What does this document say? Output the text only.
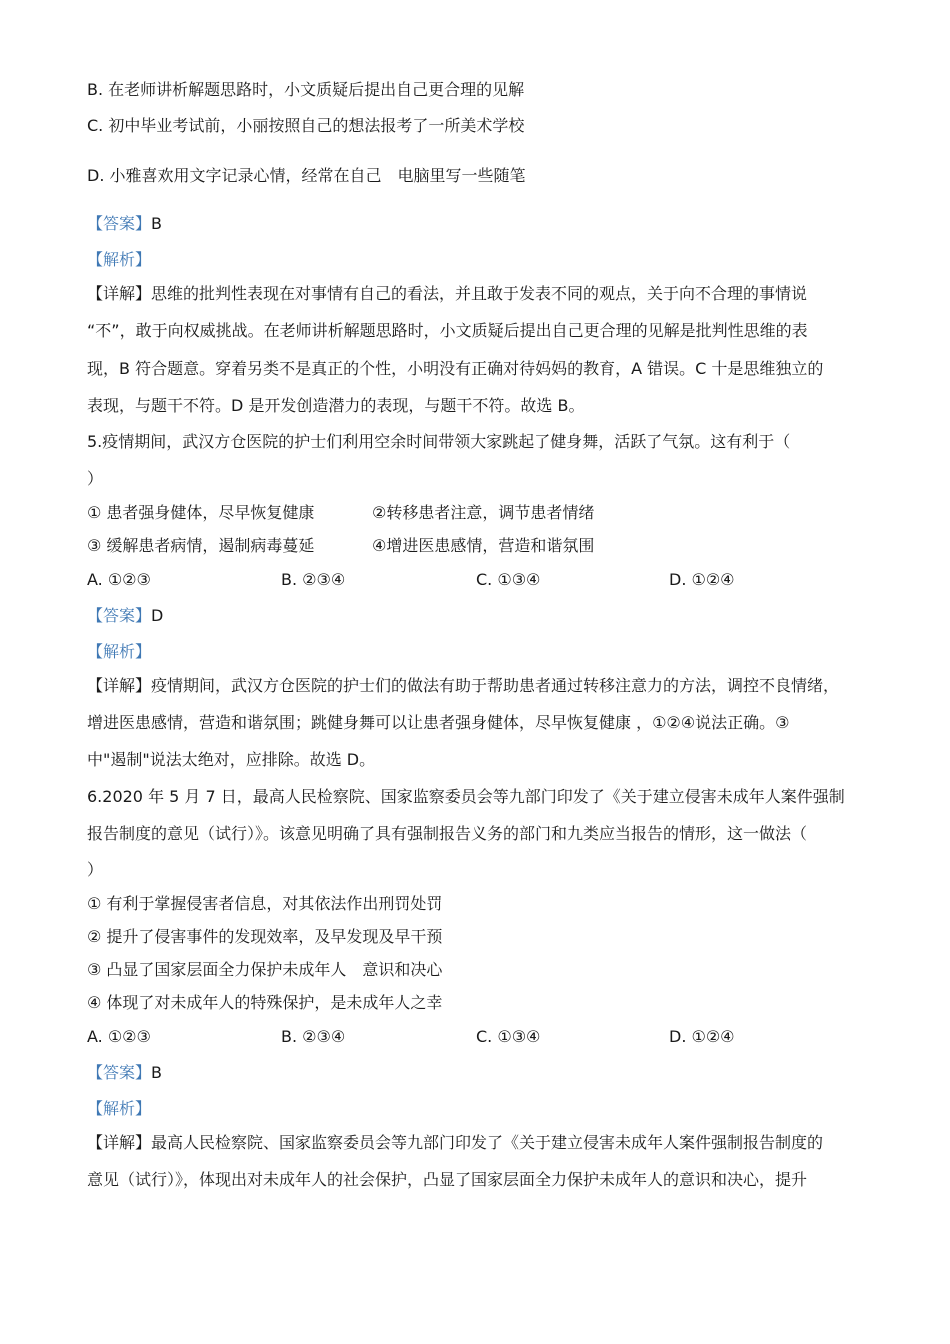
B. 在老师讲析解题思路时，小文质疑后提出自己更合理的见解
C. 初中毕业考试前，小丽按照自己的想法报考了一所美术学校
D. 小雅喜欢用文字记录心情，经常在自己　电脑里写一些随笔
【答案】B
【解析】
【详解】思维的批判性表现在对事情有自己的看法，并且敢于发表不同的观点，关于向不合理的事情说
“不”，敢于向权威挑战。在老师讲析解题思路时，小文质疑后提出自己更合理的见解是批判性思维的表
现，B 符合题意。穿着另类不是真正的个性，小明没有正确对待妈妈的教育，A 错误。C 十是思维独立的
表现，与题干不符。D 是开发创造潜力的表现，与题干不符。故选 B。
5.疫情期间，武汉方仓医院的护士们利用空余时间带领大家跳起了健身舞，活跃了气氛。这有利于（
）
① 患者强身健体，尽早恢复健康	②转移患者注意，调节患者情绪
③ 缓解患者病情，遏制病毒蔓延	④增进医患感情，营造和谐氛围
A. ①②③	B. ②③④	C. ①③④	D. ①②④
【答案】D
【解析】
【详解】疫情期间，武汉方仓医院的护士们的做法有助于帮助患者通过转移注意力的方法，调控不良情绪，
增进医患感情，营造和谐氛围；跳健身舞可以让患者强身健体，尽早恢复健康 ，①②④说法正确。③
中"遏制"说法太绝对，应排除。故选 D。
6.2020 年 5 月 7 日，最高人民检察院、国家监察委员会等九部门印发了《关于建立侵害未成年人案件强制
报告制度的意见（试行）》。该意见明确了具有强制报告义务的部门和九类应当报告的情形，这一做法（
）
① 有利于掌握侵害者信息，对其依法作出刑罚处罚
② 提升了侵害事件的发现效率，及早发现及早干预
③ 凸显了国家层面全力保护未成年人　意识和决心
④ 体现了对未成年人的特殊保护，是未成年人之幸
A. ①②③	B. ②③④	C. ①③④	D. ①②④
【答案】B
【解析】
【详解】最高人民检察院、国家监察委员会等九部门印发了《关于建立侵害未成年人案件强制报告制度的
意见（试行）》，体现出对未成年人的社会保护，凸显了国家层面全力保护未成年人的意识和决心，提升
